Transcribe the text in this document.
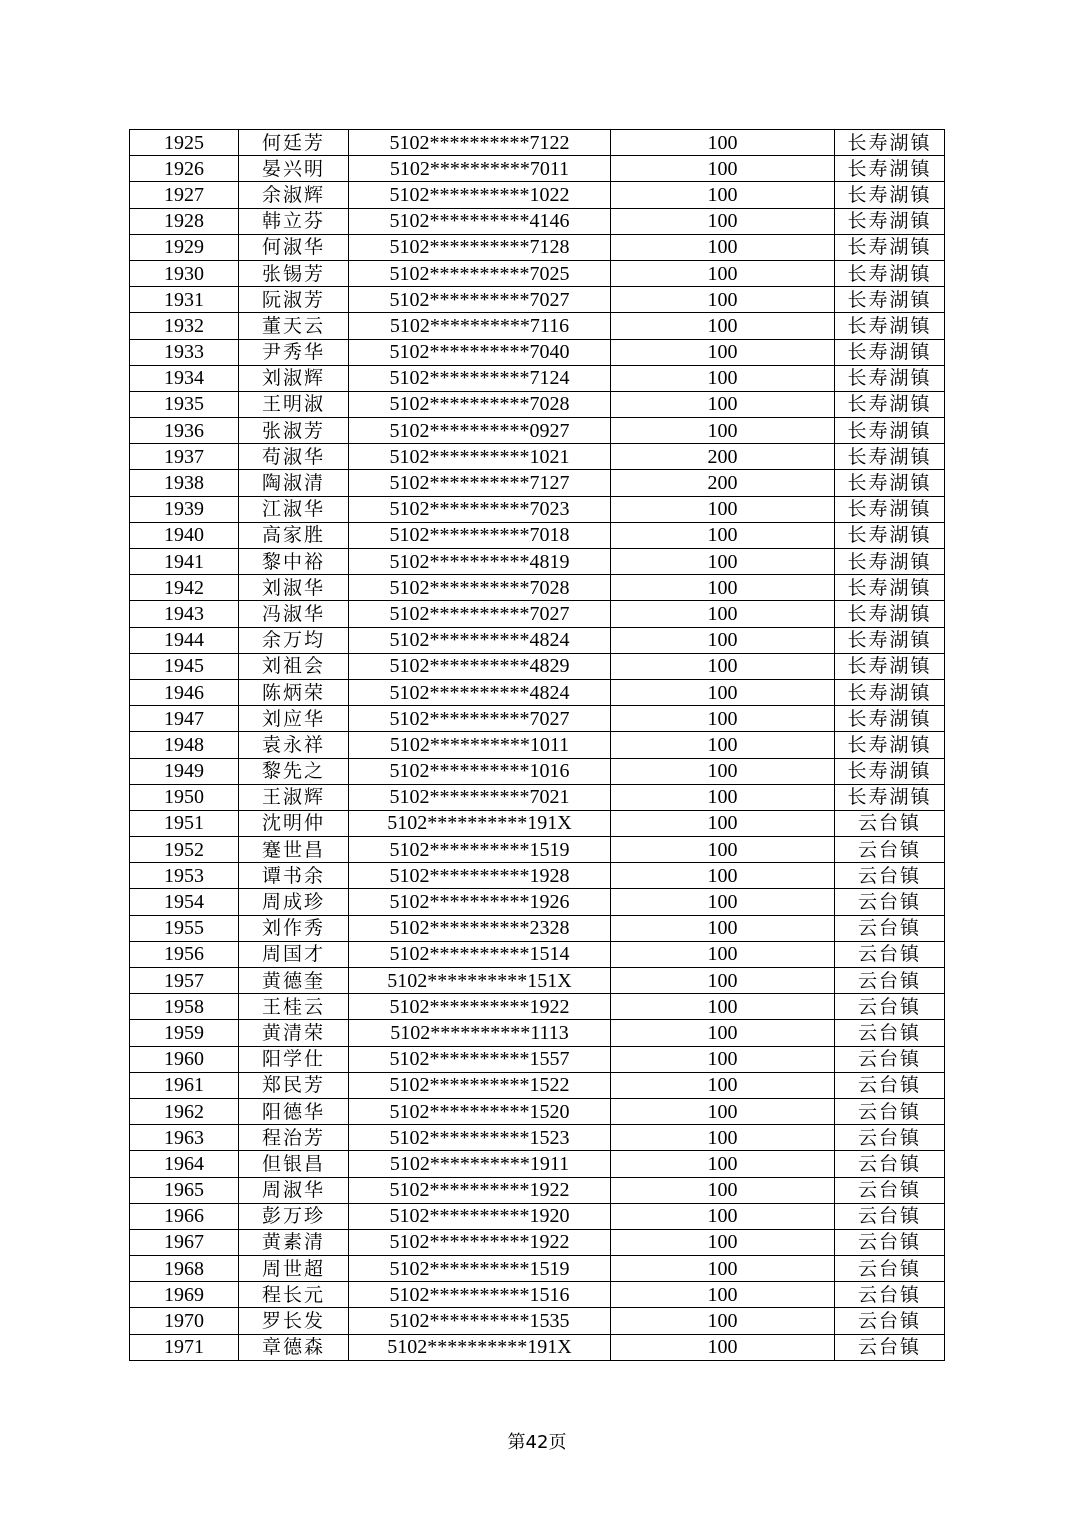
1925	何廷芳	5102**********7122	100	长寿湖镇
1926	晏兴明	5102**********7011	100	长寿湖镇
1927	余淑辉	5102**********1022	100	长寿湖镇
1928	韩立芬	5102**********4146	100	长寿湖镇
1929	何淑华	5102**********7128	100	长寿湖镇
1930	张锡芳	5102**********7025	100	长寿湖镇
1931	阮淑芳	5102**********7027	100	长寿湖镇
1932	董天云	5102**********7116	100	长寿湖镇
1933	尹秀华	5102**********7040	100	长寿湖镇
1934	刘淑辉	5102**********7124	100	长寿湖镇
1935	王明淑	5102**********7028	100	长寿湖镇
1936	张淑芳	5102**********0927	100	长寿湖镇
1937	苟淑华	5102**********1021	200	长寿湖镇
1938	陶淑清	5102**********7127	200	长寿湖镇
1939	江淑华	5102**********7023	100	长寿湖镇
1940	高家胜	5102**********7018	100	长寿湖镇
1941	黎中裕	5102**********4819	100	长寿湖镇
1942	刘淑华	5102**********7028	100	长寿湖镇
1943	冯淑华	5102**********7027	100	长寿湖镇
1944	余万均	5102**********4824	100	长寿湖镇
1945	刘祖会	5102**********4829	100	长寿湖镇
1946	陈炳荣	5102**********4824	100	长寿湖镇
1947	刘应华	5102**********7027	100	长寿湖镇
1948	袁永祥	5102**********1011	100	长寿湖镇
1949	黎先之	5102**********1016	100	长寿湖镇
1950	王淑辉	5102**********7021	100	长寿湖镇
1951	沈明仲	5102**********191X	100	云台镇
1952	蹇世昌	5102**********1519	100	云台镇
1953	谭书余	5102**********1928	100	云台镇
1954	周成珍	5102**********1926	100	云台镇
1955	刘作秀	5102**********2328	100	云台镇
1956	周国才	5102**********1514	100	云台镇
1957	黄德奎	5102**********151X	100	云台镇
1958	王桂云	5102**********1922	100	云台镇
1959	黄清荣	5102**********1113	100	云台镇
1960	阳学仕	5102**********1557	100	云台镇
1961	郑民芳	5102**********1522	100	云台镇
1962	阳德华	5102**********1520	100	云台镇
1963	程治芳	5102**********1523	100	云台镇
1964	但银昌	5102**********1911	100	云台镇
1965	周淑华	5102**********1922	100	云台镇
1966	彭万珍	5102**********1920	100	云台镇
1967	黄素清	5102**********1922	100	云台镇
1968	周世超	5102**********1519	100	云台镇
1969	程长元	5102**********1516	100	云台镇
1970	罗长发	5102**********1535	100	云台镇
1971	章德森	5102**********191X	100	云台镇
第42页
